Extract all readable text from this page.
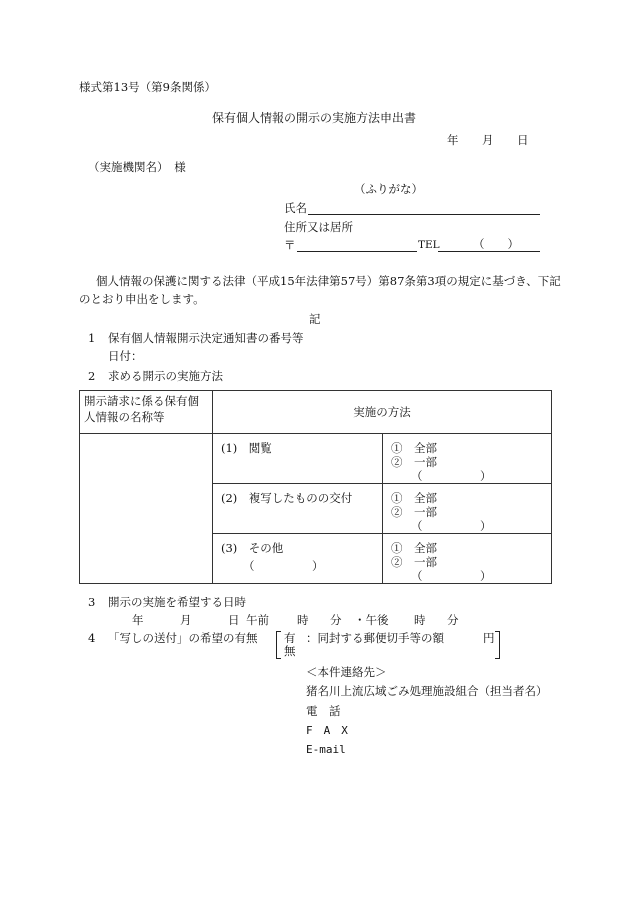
様式第13号（第9条関係）
保有個人情報の開示の実施方法申出書
年 月 日
（実施機関名）　様
（ふりがな）
氏名
住所又は居所
〒	TEL	（　　）
個人情報の保護に関する法律（平成15年法律第57号）第87条第3項の規定に基づき、下記
のとおり申出をします。
記
1 保有個人情報開示決定通知書の番号等
日付：
2 求める開示の実施方法
開示請求に係る保有個人情報の名称等	実施の方法	

	(1)　 閲覧	①　全部
②　一部
（　　　　　）

	(2)　 複写したものの交付	①　全部
②　一部
（　　　　　）

	(3)　 その他
（　　　　　）	①　全部
②　一部
（　　　　　）
3 開示の実施を希望する日時
年	月	日 午前 時 分 ・午後 時 分
4 「写しの送付」の希望の有無 有 ：同封する郵便切手等の額	円
無
＜本件連絡先＞
猪名川上流広域ごみ処理施設組合（担当者名）
電　話
F　A　X
E-mail
